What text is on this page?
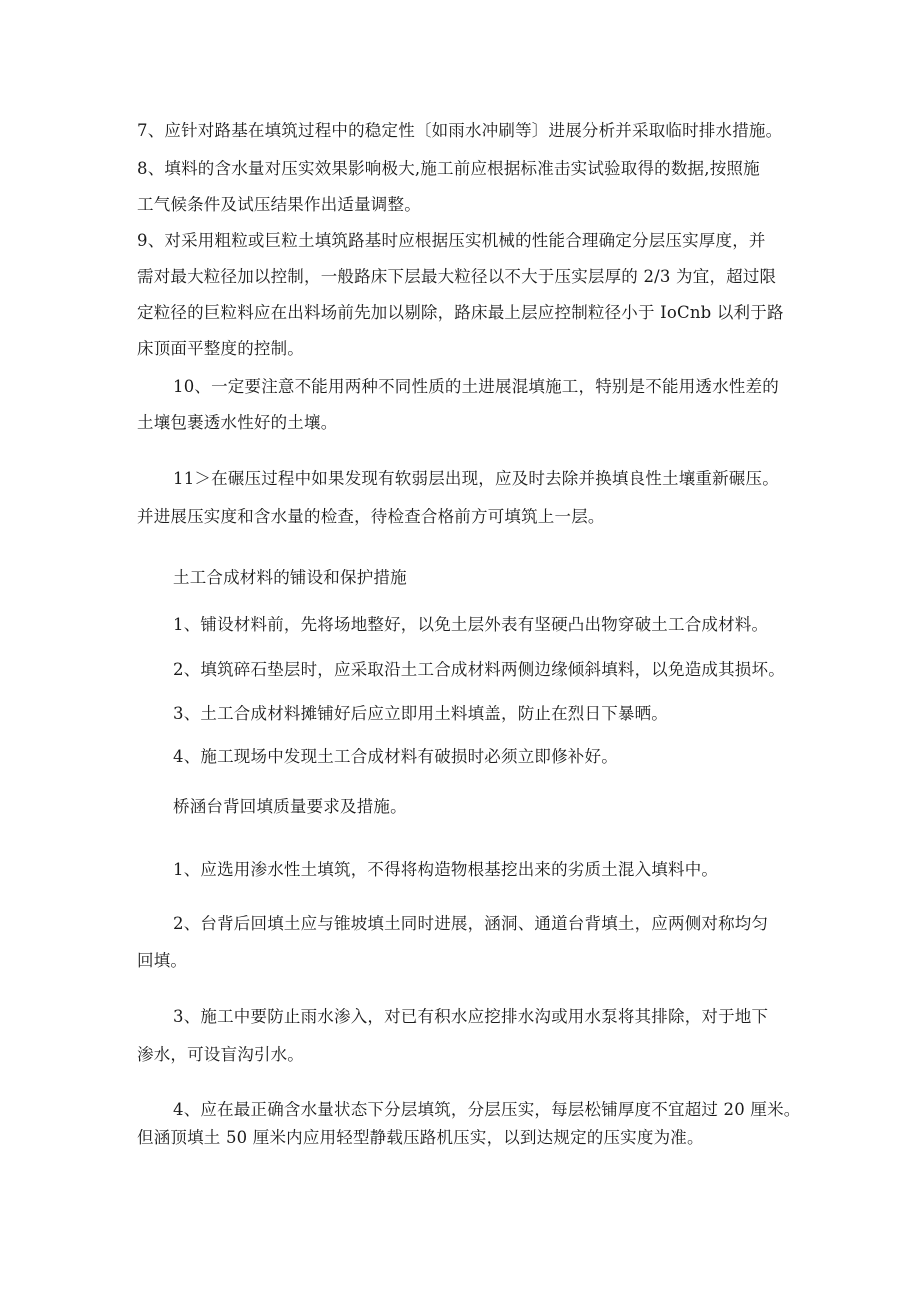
7、应针对路基在填筑过程中的稳定性〔如雨水冲刷等〕进展分析并采取临时排水措施。
8、填料的含水量对压实效果影响极大,施工前应根据标准击实试验取得的数据,按照施
工气候条件及试压结果作出适量调整。
9、对采用粗粒或巨粒土填筑路基时应根据压实机械的性能合理确定分层压实厚度，并
需对最大粒径加以控制，一般路床下层最大粒径以不大于压实层厚的 2/3 为宜，超过限
定粒径的巨粒料应在出料场前先加以剔除，路床最上层应控制粒径小于 IoCnb 以利于路
床顶面平整度的控制。
10、一定要注意不能用两种不同性质的土进展混填施工，特别是不能用透水性差的
土壤包裹透水性好的土壤。
11＞在碾压过程中如果发现有软弱层出现，应及时去除并换填良性土壤重新碾压。
并进展压实度和含水量的检查，待检查合格前方可填筑上一层。
土工合成材料的铺设和保护措施
1、铺设材料前，先将场地整好，以免土层外表有坚硬凸出物穿破土工合成材料。
2、填筑碎石垫层时，应采取沿土工合成材料两侧边缘倾斜填料，以免造成其损坏。
3、土工合成材料摊铺好后应立即用土料填盖，防止在烈日下暴晒。
4、施工现场中发现土工合成材料有破损时必须立即修补好。
桥涵台背回填质量要求及措施。
1、应选用渗水性土填筑，不得将构造物根基挖出来的劣质土混入填料中。
2、台背后回填土应与锥坡填土同时进展，涵洞、通道台背填土，应两侧对称均匀
回填。
3、施工中要防止雨水渗入，对已有积水应挖排水沟或用水泵将其排除，对于地下
渗水，可设盲沟引水。
4、应在最正确含水量状态下分层填筑，分层压实，每层松铺厚度不宜超过 20 厘米。
但涵顶填土 50 厘米内应用轻型静载压路机压实，以到达规定的压实度为准。
